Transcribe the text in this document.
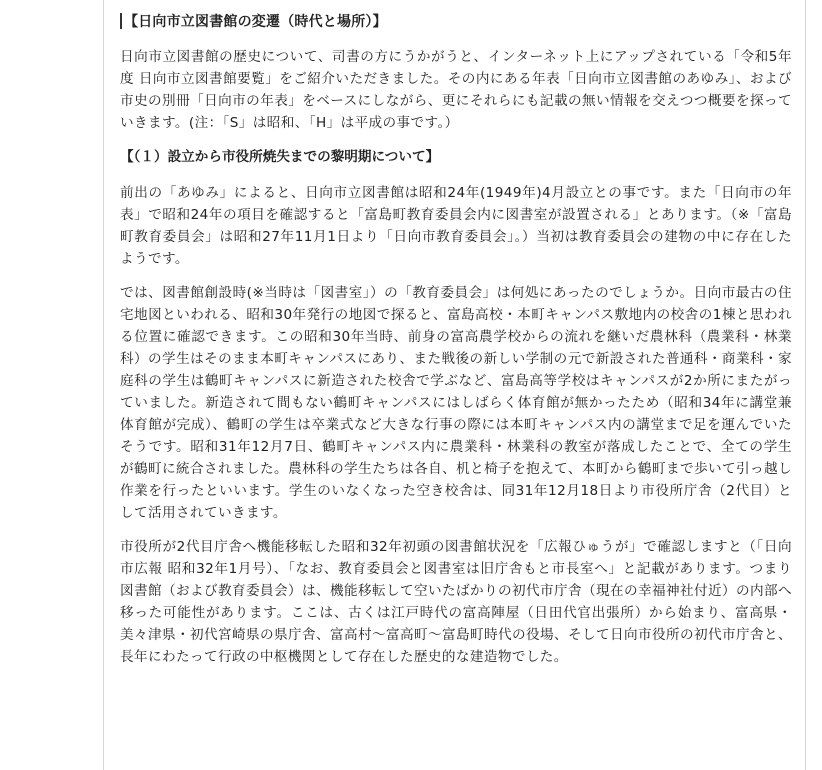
【日向市立図書館の変遷（時代と場所）】

日向市立図書館の歴史について、司書の方にうかがうと、インターネット上にアップされている「令和5年度 日向市立図書館要覧」をご紹介いただきました。その内にある年表「日向市立図書館のあゆみ」、および市史の別冊「日向市の年表」をベースにしながら、更にそれらにも記載の無い情報を交えつつ概要を探っていきます。(注：「S」は昭和、「H」は平成の事です。）

【（１）設立から市役所焼失までの黎明期について】

前出の「あゆみ」によると、日向市立図書館は昭和24年(1949年)4月設立との事です。また「日向市の年表」で昭和24年の項目を確認すると「富島町教育委員会内に図書室が設置される」とあります。（※「富島町教育委員会」は昭和27年11月1日より「日向市教育委員会」。）当初は教育委員会の建物の中に存在したようです。

では、図書館創設時(※当時は「図書室」）の「教育委員会」は何処にあったのでしょうか。日向市最古の住宅地図といわれる、昭和30年発行の地図で探ると、富島高校・本町キャンパス敷地内の校舎の1棟と思われる位置に確認できます。この昭和30年当時、前身の富高農学校からの流れを継いだ農林科（農業科・林業科）の学生はそのまま本町キャンパスにあり、また戦後の新しい学制の元で新設された普通科・商業科・家庭科の学生は鶴町キャンパスに新造された校舎で学ぶなど、富島高等学校はキャンパスが2か所にまたがっていました。新造されて間もない鶴町キャンパスにはしばらく体育館が無かったため（昭和34年に講堂兼体育館が完成）、鶴町の学生は卒業式など大きな行事の際には本町キャンパス内の講堂まで足を運んでいたそうです。昭和31年12月7日、鶴町キャンパス内に農業科・林業科の教室が落成したことで、全ての学生が鶴町に統合されました。農林科の学生たちは各自、机と椅子を抱えて、本町から鶴町まで歩いて引っ越し作業を行ったといいます。学生のいなくなった空き校舎は、同31年12月18日より市役所庁舎（2代目）として活用されていきます。

市役所が2代目庁舎へ機能移転した昭和32年初頭の図書館状況を「広報ひゅうが」で確認しますと（「日向市広報 昭和32年1月号）、「なお、教育委員会と図書室は旧庁舎もと市長室へ」と記載があります。つまり図書館（および教育委員会）は、機能移転して空いたばかりの初代市庁舎（現在の幸福神社付近）の内部へ移った可能性があります。ここは、古くは江戸時代の富高陣屋（日田代官出張所）から始まり、富高県・美々津県・初代宮崎県の県庁舎、富高村～富高町～富島町時代の役場、そして日向市役所の初代市庁舎と、長年にわたって行政の中枢機関として存在した歴史的な建造物でした。
